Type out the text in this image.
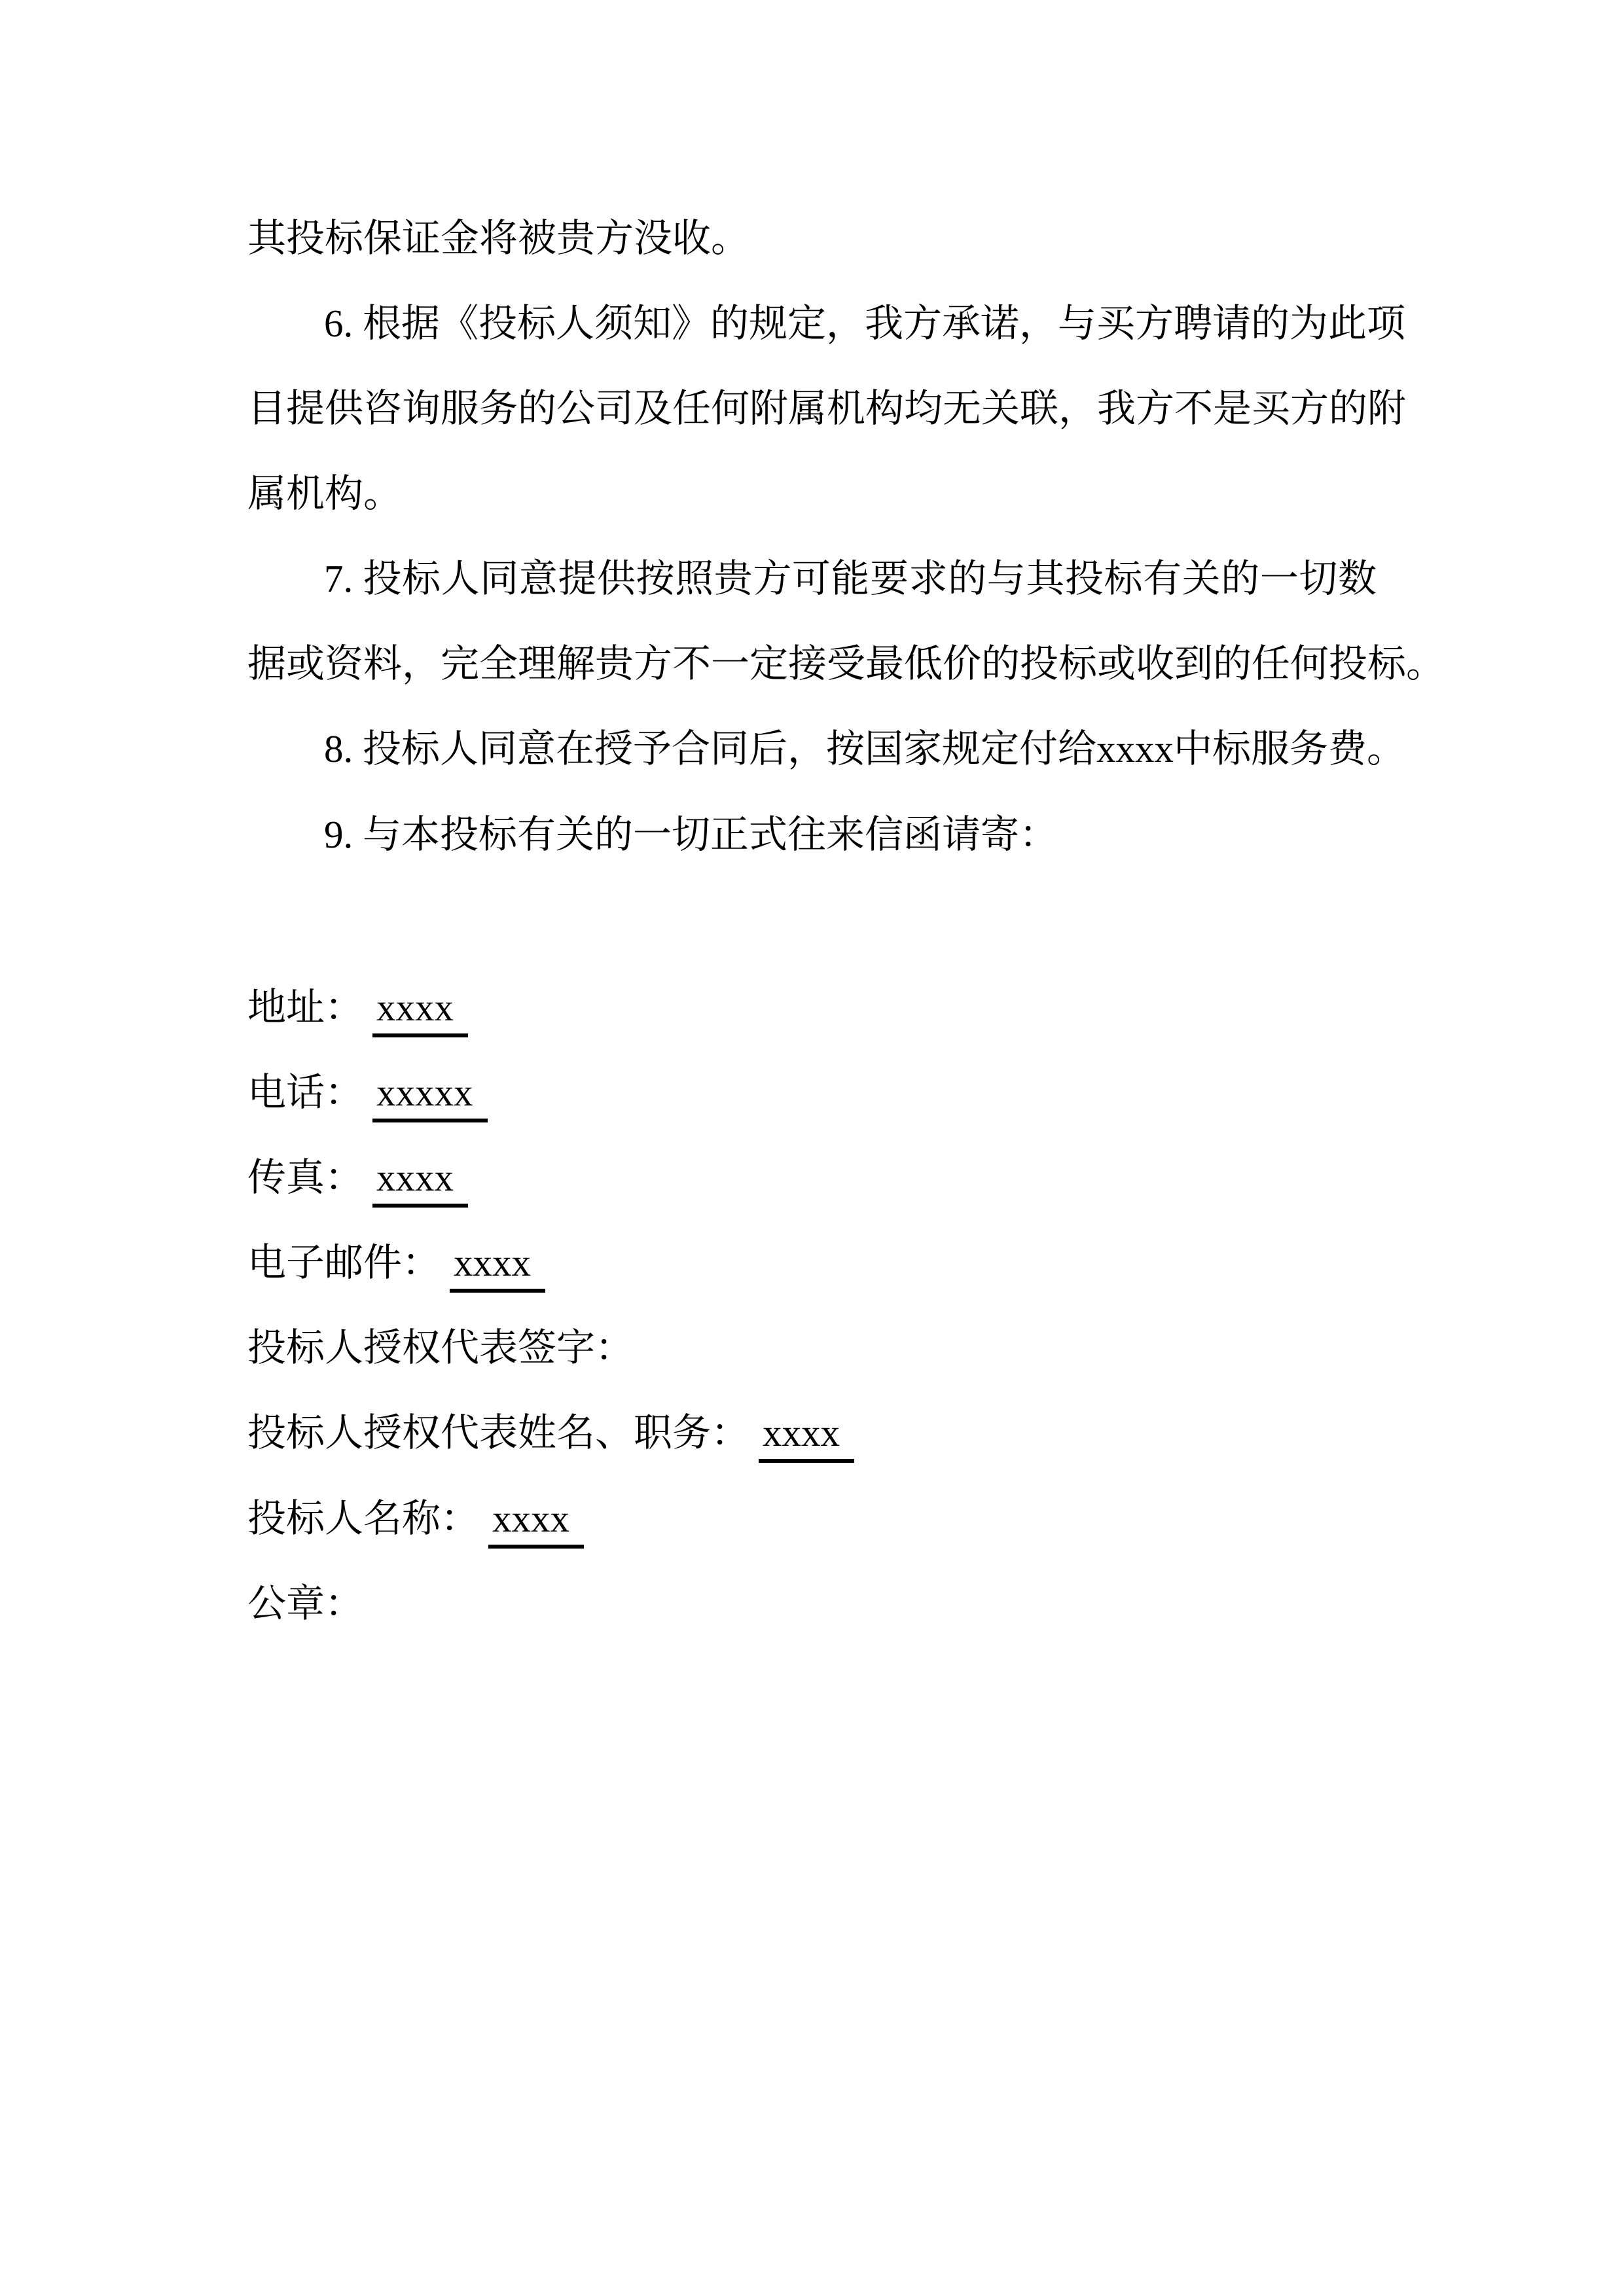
其投标保证金将被贵方没收。
6. 根据《投标人须知》的规定，我方承诺，与买方聘请的为此项
目提供咨询服务的公司及任何附属机构均无关联，我方不是买方的附
属机构。
7. 投标人同意提供按照贵方可能要求的与其投标有关的一切数
据或资料，完全理解贵方不一定接受最低价的投标或收到的任何投标。
8. 投标人同意在授予合同后，按国家规定付给xxxx中标服务费。
9. 与本投标有关的一切正式往来信函请寄：
地址： xxxx
电话： xxxxx
传真： xxxx
电子邮件： xxxx
投标人授权代表签字：
投标人授权代表姓名、职务： xxxx
投标人名称： xxxx
公章：
